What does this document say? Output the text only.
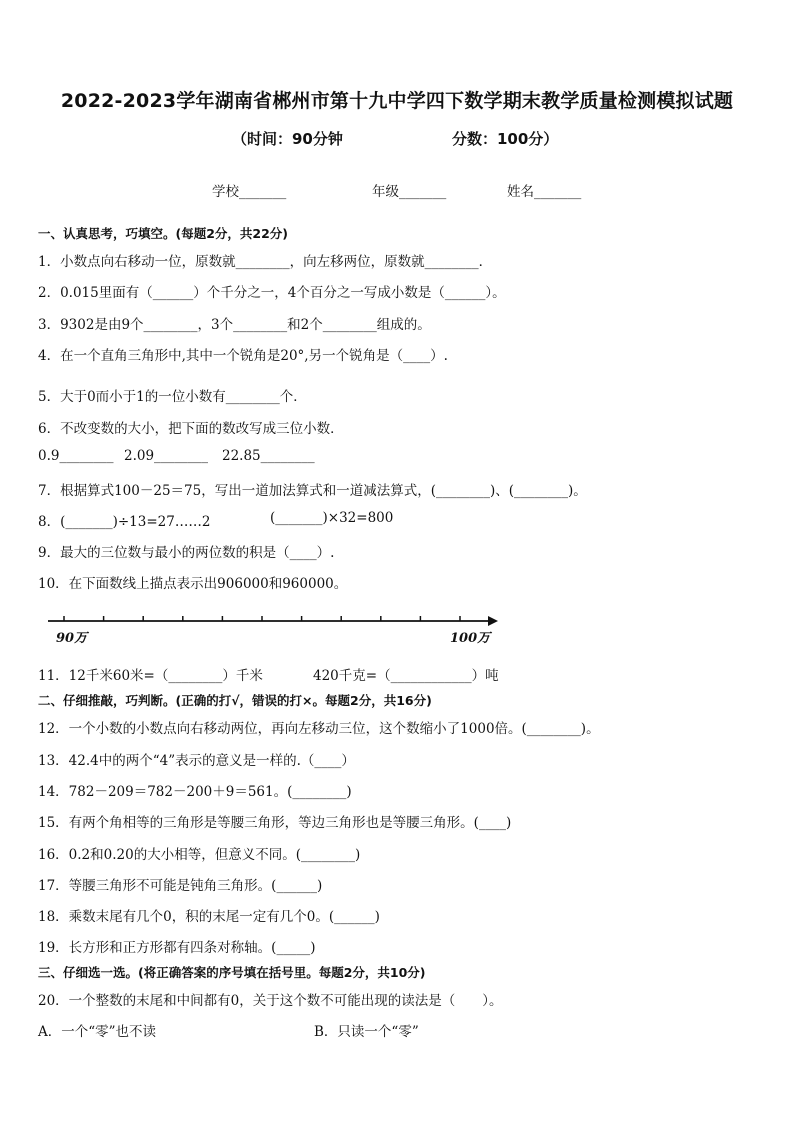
2022-2023学年湖南省郴州市第十九中学四下数学期末教学质量检测模拟试题
（时间：90分钟	分数：100分）
学校_______	年级_______	姓名_______
一、认真思考，巧填空。(每题2分，共22分)
1．小数点向右移动一位，原数就________，向左移两位，原数就________．
2．0.015里面有（______）个千分之一，4个百分之一写成小数是（______）。
3．9302是由9个________，3个________和2个________组成的。
4．在一个直角三角形中,其中一个锐角是20°,另一个锐角是（____）.
5．大于0而小于1的一位小数有________个．
6．不改变数的大小，把下面的数改写成三位小数．
0.9________ 2.09________ 22.85________
7．根据算式100－25＝75，写出一道加法算式和一道减法算式，(________)、(________)。
8．(_______)÷13=27……2	(_______)×32=800
9．最大的三位数与最小的两位数的积是（____）.
10．在下面数线上描点表示出906000和960000。
90万	100万
11．12千米60米=（________）千米	420千克=（____________）吨
二、仔细推敲，巧判断。(正确的打√，错误的打×。每题2分，共16分)
12．一个小数的小数点向右移动两位，再向左移动三位，这个数缩小了1000倍。(________)。
13．42.4中的两个“4”表示的意义是一样的.（____）
14．782－209＝782－200＋9＝561。(________)
15．有两个角相等的三角形是等腰三角形，等边三角形也是等腰三角形。(____)
16．0.2和0.20的大小相等，但意义不同。(________)
17．等腰三角形不可能是钝角三角形。(______)
18．乘数末尾有几个0，积的末尾一定有几个0。(______)
19．长方形和正方形都有四条对称轴。(_____)
三、仔细选一选。(将正确答案的序号填在括号里。每题2分，共10分)
20．一个整数的末尾和中间都有0，关于这个数不可能出现的读法是（　　）。
A．一个“零”也不读	B．只读一个“零”
